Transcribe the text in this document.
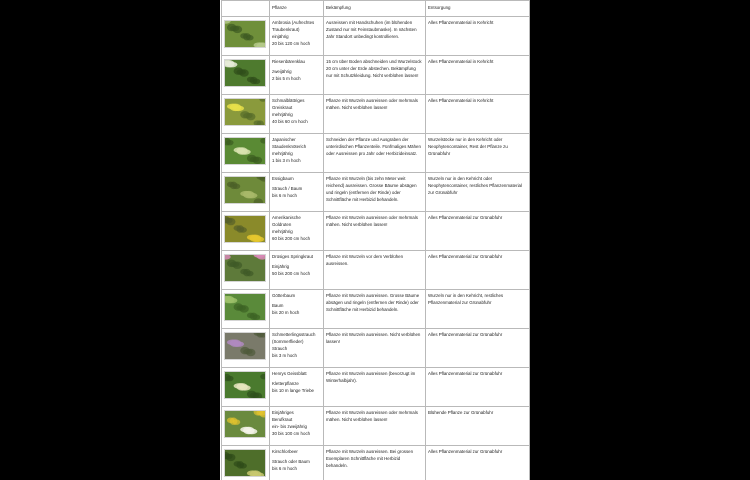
	Pflanze	Bekämpfung	Entsorgung

Ambrosia (Aufrechtes
Traubenkraut)
einjährig
20 bis 120 cm hoch	Ausreissen mit Handschuhen (im blühenden Zustand nur mit Feinstaubmaske). In nächsten Jahr Standort unbedingt kontrollieren.	Alles Pflanzenmaterial in Kehricht

Riesenbärenklau
zweijährig
2 bis 5 m hoch	15 cm über Boden abschneiden und Wurzelstock 20 cm unter der Erde abstechen. Bekämpfung nur mit Schutzkleidung. Nicht verblühen lassen!	Alles Pflanzenmaterial in Kehricht

Schmalblättriges
Greiskraut
mehrjährig
40 bis 60 cm hoch	Pflanze mit Wurzeln ausreissen oder mehrmals mähen. Nicht verblühen lassen!	Alles Pflanzenmaterial in Kehricht

Japanischer
Staudenknöterich
mehrjährig
1 bis 3 m hoch	Schneiden der Pflanze und Ausgraben der unterirdischen Pflanzenteile. Fünfmaliges Mähen oder Ausreissen pro Jahr oder Herbizideinsatz.	Wurzelstöcke nur in den Kehricht oder Neophytencontainer, Rest der Pflanze zu Grünabfuhr

Essigbaum
Strauch / Baum
bis 6 m hoch	Pflanze mit Wurzeln (bis zehn Meter weit reichend) ausreissen. Grosse Bäume absägen und ringeln (entfernen der Rinde) oder Schnittfläche mit Herbizid behandeln.	Wurzeln nur in den Kehricht oder Neophytencontainer, restliches Pflanzenmaterial zur Grünabfuhr

Amerikanische
Goldruten
mehrjährig
60 bis 200 cm hoch	Pflanze mit Wurzeln ausreissen oder mehrmals mähen. Nicht verblühen lassen!	Alles Pflanzenmaterial zur Grünabfuhr

Drüsiges Springkraut
Einjährig
50 bis 200 cm hoch	Pflanze mit Wurzeln vor dem Verblühen ausreissen.	Alles Pflanzenmaterial zur Grünabfuhr

Götterbaum
Baum
bis 20 m hoch	Pflanze mit Wurzeln ausreissen. Grosse Bäume absägen und ringeln (entfernen der Rinde) oder Schnittfläche mit Herbizid behandeln.	Wurzeln nur in den Kehricht, restliches Pflanzenmaterial zur Grünabfuhr

Schmetterlingsstrauch
(Sommerflieder)
Strauch
bis 3 m hoch	Pflanze mit Wurzeln ausreissen. Nicht verblühen lassen!	Alles Pflanzenmaterial zur Grünabfuhr

Henrys Geissblatt
Kletterpflanze
bis 10 m lange Triebe	Pflanze mit Wurzeln ausreissen (bevorzugt im Winterhalbjahr).	Alles Pflanzenmaterial zur Grünabfuhr

Einjähriges
Berufkraut
ein- bis zweijährig
30 bis 100 cm hoch	Pflanze mit Wurzeln ausreissen oder mehrmals mähen. Nicht verblühen lassen!	Blühende Pflanze zur Grünabfuhr

Kirschlorbeer
Strauch oder Baum
bis 6 m hoch	Pflanze mit Wurzeln ausreissen. Bei grossen Exemplaren Schnittfläche mit Herbizid behandeln.	Alles Pflanzenmaterial zur Grünabfuhr
